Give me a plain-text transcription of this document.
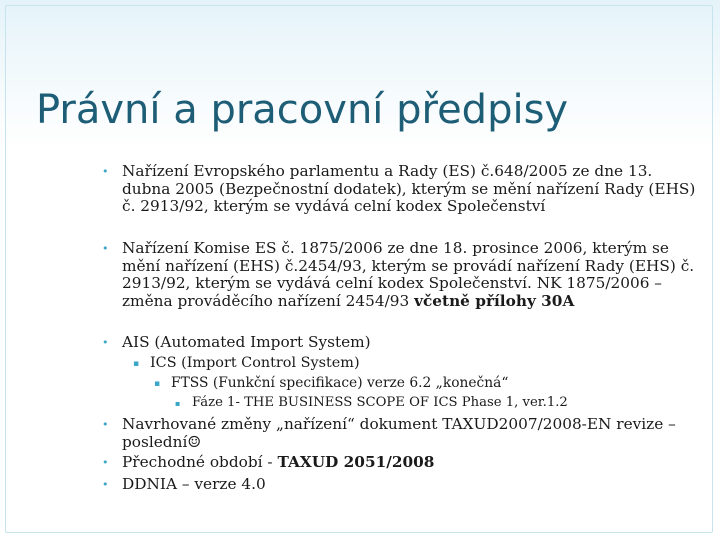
Právní a pracovní předpisy
• Nařízení Evropského parlamentu a Rady (ES) č.648/2005 ze dne 13. dubna 2005 (Bezpečnostní dodatek), kterým se mění nařízení Rady (EHS) č. 2913/92, kterým se vydává celní kodex Společenství
• Nařízení Komise ES č. 1875/2006 ze dne 18. prosince 2006, kterým se mění nařízení (EHS) č.2454/93, kterým se provádí nařízení Rady (EHS) č. 2913/92, kterým se vydává celní kodex Společenství. NK 1875/2006 – změna prováděcího nařízení 2454/93 včetně přílohy 30A
• AIS (Automated Import System)
▪ ICS (Import Control System)
▪ FTSS (Funkční specifikace) verze 6.2 „konečná“
▪ Fáze 1- THE BUSINESS SCOPE OF ICS Phase 1, ver.1.2
• Navrhované změny „nařízení“ dokument TAXUD2007/2008-EN revize – poslední☺
• Přechodné období - TAXUD 2051/2008
• DDNIA – verze 4.0
